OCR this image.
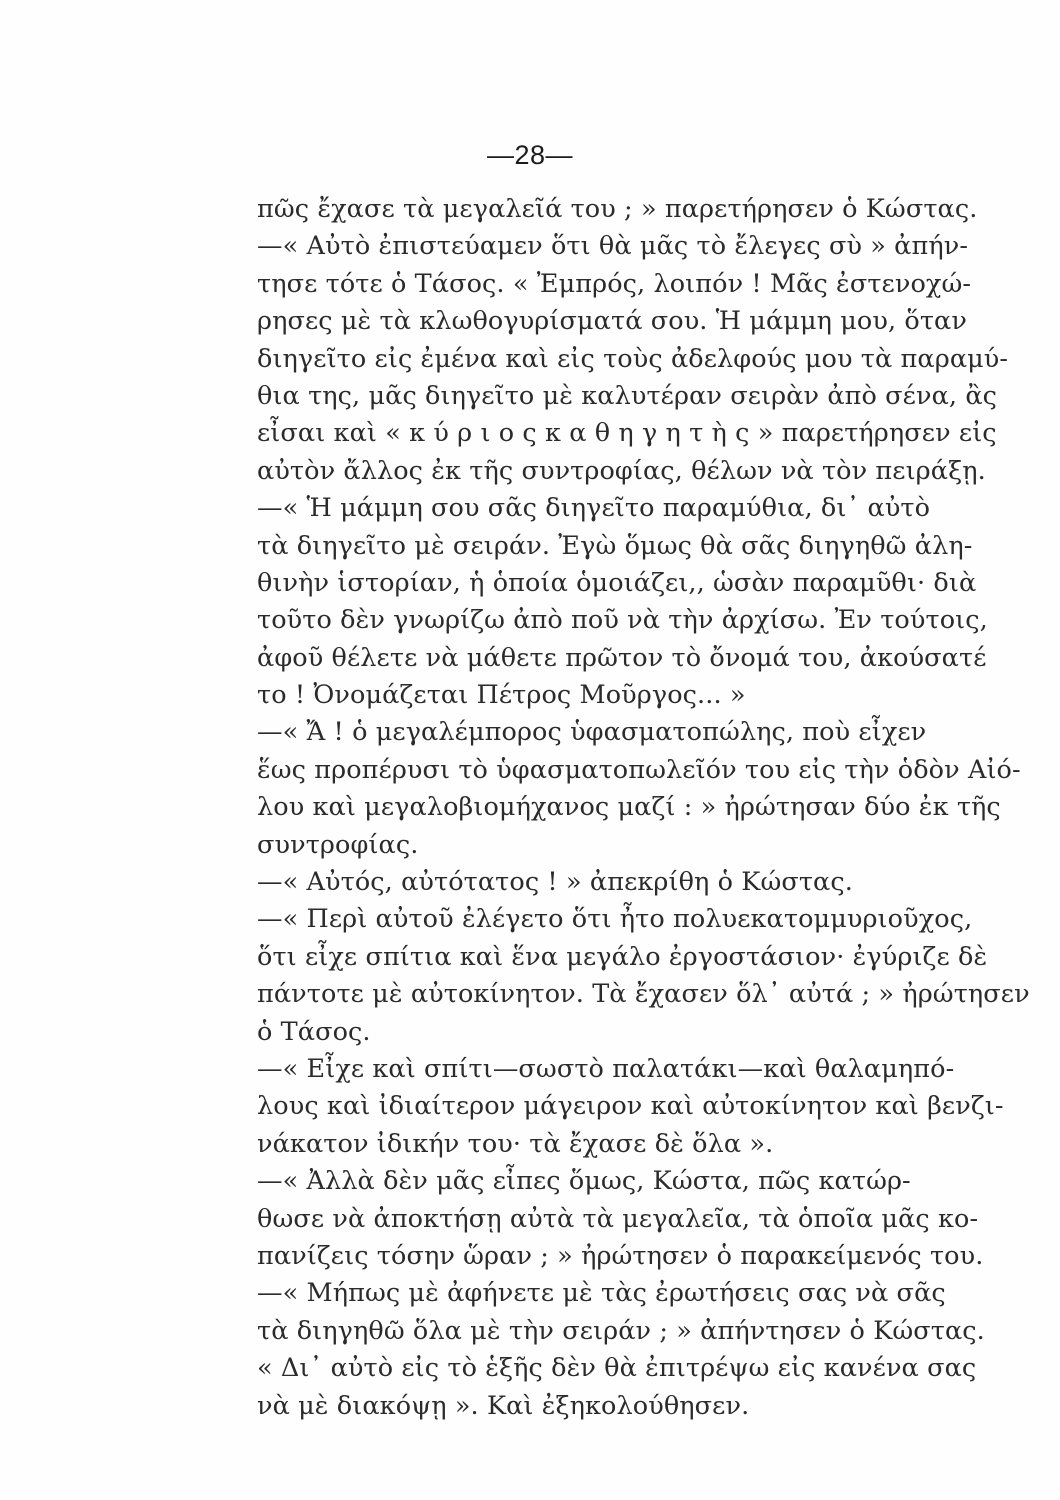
—28—
πῶς ἔχασε τὰ μεγαλεῖά του ; » παρετήρησεν ὁ Κώστας.
—« Αὐτὸ ἐπιστεύαμεν ὅτι θὰ μᾶς τὸ ἔλεγες σὺ » ἀπήν-
τησε τότε ὁ Τάσος. « Ἐμπρός, λοιπόν ! Μᾶς ἐστενοχώ-
ρησες μὲ τὰ κλωθογυρίσματά σου. Ἡ μάμμη μου, ὅταν
διηγεῖτο εἰς ἐμένα καὶ εἰς τοὺς ἀδελφούς μου τὰ παραμύ-
θια της, μᾶς διηγεῖτο μὲ καλυτέραν σειρὰν ἀπὸ σένα, ἂς
εἶσαι καὶ « κ ύ ρ ι ο ς κ α θ η γ η τ ὴ ς » παρετήρησεν εἰς
αὐτὸν ἄλλος ἐκ τῆς συντροφίας, θέλων νὰ τὸν πειράξῃ.
—« Ἡ μάμμη σου σᾶς διηγεῖτο παραμύθια, δι᾽ αὐτὸ
τὰ διηγεῖτο μὲ σειράν. Ἐγὼ ὅμως θὰ σᾶς διηγηθῶ ἀλη-
θινὴν ἱστορίαν, ἡ ὁποία ὁμοιάζει,, ὡσὰν παραμῦθι· διὰ
τοῦτο δὲν γνωρίζω ἀπὸ ποῦ νὰ τὴν ἀρχίσω. Ἐν τούτοις,
ἀφοῦ θέλετε νὰ μάθετε πρῶτον τὸ ὄνομά του, ἀκούσατέ
το ! Ὀνομάζεται Πέτρος Μοῦργος... »
—« Ἄ ! ὁ μεγαλέμπορος ὑφασματοπώλης, ποὺ εἶχεν
ἕως προπέρυσι τὸ ὑφασματοπωλεῖόν του εἰς τὴν ὁδὸν Αἰό-
λου καὶ μεγαλοβιομήχανος μαζί : » ἠρώτησαν δύο ἐκ τῆς
συντροφίας.
—« Αὐτός, αὐτότατος ! » ἀπεκρίθη ὁ Κώστας.
—« Περὶ αὐτοῦ ἐλέγετο ὅτι ἦτο πολυεκατομμυριοῦχος,
ὅτι εἶχε σπίτια καὶ ἕνα μεγάλο ἐργοστάσιον· ἐγύριζε δὲ
πάντοτε μὲ αὐτοκίνητον. Τὰ ἔχασεν ὅλ᾽ αὐτά ; » ἠρώτησεν
ὁ Τάσος.
—« Εἶχε καὶ σπίτι—σωστὸ παλατάκι—καὶ θαλαμηπό-
λους καὶ ἰδιαίτερον μάγειρον καὶ αὐτοκίνητον καὶ βενζι-
νάκατον ἰδικήν του· τὰ ἔχασε δὲ ὅλα ».
—« Ἀλλὰ δὲν μᾶς εἶπες ὅμως, Κώστα, πῶς κατώρ-
θωσε νὰ ἀποκτήσῃ αὐτὰ τὰ μεγαλεῖα, τὰ ὁποῖα μᾶς κο-
πανίζεις τόσην ὥραν ; » ἠρώτησεν ὁ παρακείμενός του.
—« Μήπως μὲ ἀφήνετε μὲ τὰς ἐρωτήσεις σας νὰ σᾶς
τὰ διηγηθῶ ὅλα μὲ τὴν σειράν ; » ἀπήντησεν ὁ Κώστας.
« Δι᾽ αὐτὸ εἰς τὸ ἑξῆς δὲν θὰ ἐπιτρέψω εἰς κανένα σας
νὰ μὲ διακόψῃ ». Καὶ ἐξηκολούθησεν.
